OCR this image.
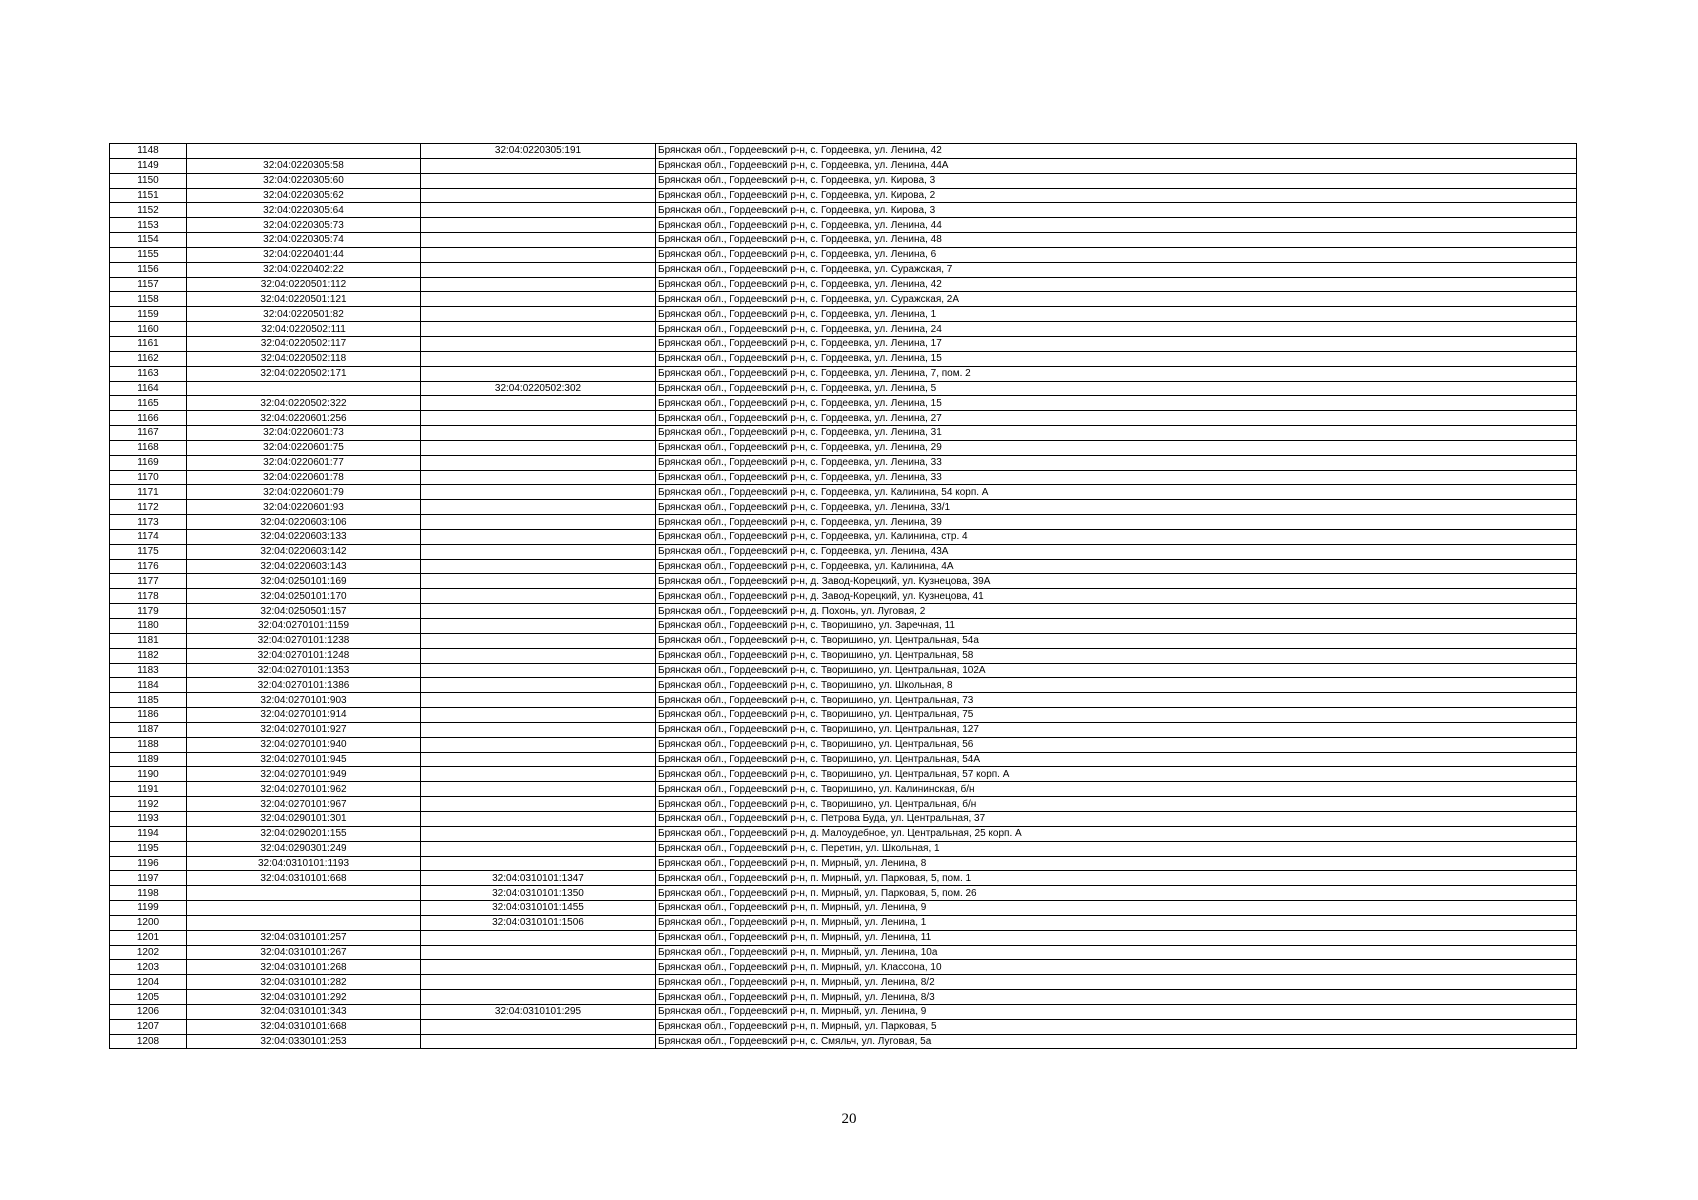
1148		32:04:0220305:191	Брянская обл., Гордеевский р-н, с. Гордеевка, ул. Ленина, 42
1149	32:04:0220305:58		Брянская обл., Гордеевский р-н, с. Гордеевка, ул. Ленина, 44А
1150	32:04:0220305:60		Брянская обл., Гордеевский р-н, с. Гордеевка, ул. Кирова, 3
1151	32:04:0220305:62		Брянская обл., Гордеевский р-н, с. Гордеевка, ул. Кирова, 2
1152	32:04:0220305:64		Брянская обл., Гордеевский р-н, с. Гордеевка, ул. Кирова, 3
1153	32:04:0220305:73		Брянская обл., Гордеевский р-н, с. Гордеевка, ул. Ленина, 44
1154	32:04:0220305:74		Брянская обл., Гордеевский р-н, с. Гордеевка, ул. Ленина, 48
1155	32:04:0220401:44		Брянская обл., Гордеевский р-н, с. Гордеевка, ул. Ленина, 6
1156	32:04:0220402:22		Брянская обл., Гордеевский р-н, с. Гордеевка, ул. Суражская, 7
1157	32:04:0220501:112		Брянская обл., Гордеевский р-н, с. Гордеевка, ул. Ленина, 42
1158	32:04:0220501:121		Брянская обл., Гордеевский р-н, с. Гордеевка, ул. Суражская, 2А
1159	32:04:0220501:82		Брянская обл., Гордеевский р-н, с. Гордеевка, ул. Ленина, 1
1160	32:04:0220502:111		Брянская обл., Гордеевский р-н, с. Гордеевка, ул. Ленина, 24
1161	32:04:0220502:117		Брянская обл., Гордеевский р-н, с. Гордеевка, ул. Ленина, 17
1162	32:04:0220502:118		Брянская обл., Гордеевский р-н, с. Гордеевка, ул. Ленина, 15
1163	32:04:0220502:171		Брянская обл., Гордеевский р-н, с. Гордеевка, ул. Ленина, 7, пом. 2
1164		32:04:0220502:302	Брянская обл., Гордеевский р-н, с. Гордеевка, ул. Ленина, 5
1165	32:04:0220502:322		Брянская обл., Гордеевский р-н, с. Гордеевка, ул. Ленина, 15
1166	32:04:0220601:256		Брянская обл., Гордеевский р-н, с. Гордеевка, ул. Ленина, 27
1167	32:04:0220601:73		Брянская обл., Гордеевский р-н, с. Гордеевка, ул. Ленина, 31
1168	32:04:0220601:75		Брянская обл., Гордеевский р-н, с. Гордеевка, ул. Ленина, 29
1169	32:04:0220601:77		Брянская обл., Гордеевский р-н, с. Гордеевка, ул. Ленина, 33
1170	32:04:0220601:78		Брянская обл., Гордеевский р-н, с. Гордеевка, ул. Ленина, 33
1171	32:04:0220601:79		Брянская обл., Гордеевский р-н, с. Гордеевка, ул. Калинина, 54 корп. А
1172	32:04:0220601:93		Брянская обл., Гордеевский р-н, с. Гордеевка, ул. Ленина, 33/1
1173	32:04:0220603:106		Брянская обл., Гордеевский р-н, с. Гордеевка, ул. Ленина, 39
1174	32:04:0220603:133		Брянская обл., Гордеевский р-н, с. Гордеевка, ул. Калинина, стр. 4
1175	32:04:0220603:142		Брянская обл., Гордеевский р-н, с. Гордеевка, ул. Ленина, 43А
1176	32:04:0220603:143		Брянская обл., Гордеевский р-н, с. Гордеевка, ул. Калинина, 4А
1177	32:04:0250101:169		Брянская обл., Гордеевский р-н, д. Завод-Корецкий, ул. Кузнецова, 39А
1178	32:04:0250101:170		Брянская обл., Гордеевский р-н, д. Завод-Корецкий, ул. Кузнецова, 41
1179	32:04:0250501:157		Брянская обл., Гордеевский р-н, д. Похонь, ул. Луговая, 2
1180	32:04:0270101:1159		Брянская обл., Гордеевский р-н, с. Творишино, ул. Заречная, 11
1181	32:04:0270101:1238		Брянская обл., Гордеевский р-н, с. Творишино, ул. Центральная, 54а
1182	32:04:0270101:1248		Брянская обл., Гордеевский р-н, с. Творишино, ул. Центральная, 58
1183	32:04:0270101:1353		Брянская обл., Гордеевский р-н, с. Творишино, ул. Центральная, 102А
1184	32:04:0270101:1386		Брянская обл., Гордеевский р-н, с. Творишино, ул. Школьная, 8
1185	32:04:0270101:903		Брянская обл., Гордеевский р-н, с. Творишино, ул. Центральная, 73
1186	32:04:0270101:914		Брянская обл., Гордеевский р-н, с. Творишино, ул. Центральная, 75
1187	32:04:0270101:927		Брянская обл., Гордеевский р-н, с. Творишино, ул. Центральная, 127
1188	32:04:0270101:940		Брянская обл., Гордеевский р-н, с. Творишино, ул. Центральная, 56
1189	32:04:0270101:945		Брянская обл., Гордеевский р-н, с. Творишино, ул. Центральная, 54А
1190	32:04:0270101:949		Брянская обл., Гордеевский р-н, с. Творишино, ул. Центральная, 57 корп. А
1191	32:04:0270101:962		Брянская обл., Гордеевский р-н, с. Творишино, ул. Калининская, б/н
1192	32:04:0270101:967		Брянская обл., Гордеевский р-н, с. Творишино, ул. Центральная, б/н
1193	32:04:0290101:301		Брянская обл., Гордеевский р-н, с. Петрова Буда, ул. Центральная, 37
1194	32:04:0290201:155		Брянская обл., Гордеевский р-н, д. Малоудебное, ул. Центральная, 25 корп. А
1195	32:04:0290301:249		Брянская обл., Гордеевский р-н, с. Перетин, ул. Школьная, 1
1196	32:04:0310101:1193		Брянская обл., Гордеевский р-н, п. Мирный, ул. Ленина, 8
1197	32:04:0310101:668	32:04:0310101:1347	Брянская обл., Гордеевский р-н, п. Мирный, ул. Парковая, 5, пом. 1
1198		32:04:0310101:1350	Брянская обл., Гордеевский р-н, п. Мирный, ул. Парковая, 5, пом. 26
1199		32:04:0310101:1455	Брянская обл., Гордеевский р-н, п. Мирный, ул. Ленина, 9
1200		32:04:0310101:1506	Брянская обл., Гордеевский р-н, п. Мирный, ул. Ленина, 1
1201	32:04:0310101:257		Брянская обл., Гордеевский р-н, п. Мирный, ул. Ленина, 11
1202	32:04:0310101:267		Брянская обл., Гордеевский р-н, п. Мирный, ул. Ленина, 10а
1203	32:04:0310101:268		Брянская обл., Гордеевский р-н, п. Мирный, ул. Классона, 10
1204	32:04:0310101:282		Брянская обл., Гордеевский р-н, п. Мирный, ул. Ленина, 8/2
1205	32:04:0310101:292		Брянская обл., Гордеевский р-н, п. Мирный, ул. Ленина, 8/3
1206	32:04:0310101:343	32:04:0310101:295	Брянская обл., Гордеевский р-н, п. Мирный, ул. Ленина, 9
1207	32:04:0310101:668		Брянская обл., Гордеевский р-н, п. Мирный, ул. Парковая, 5
1208	32:04:0330101:253		Брянская обл., Гордеевский р-н, с. Смяльч, ул. Луговая, 5а
20
